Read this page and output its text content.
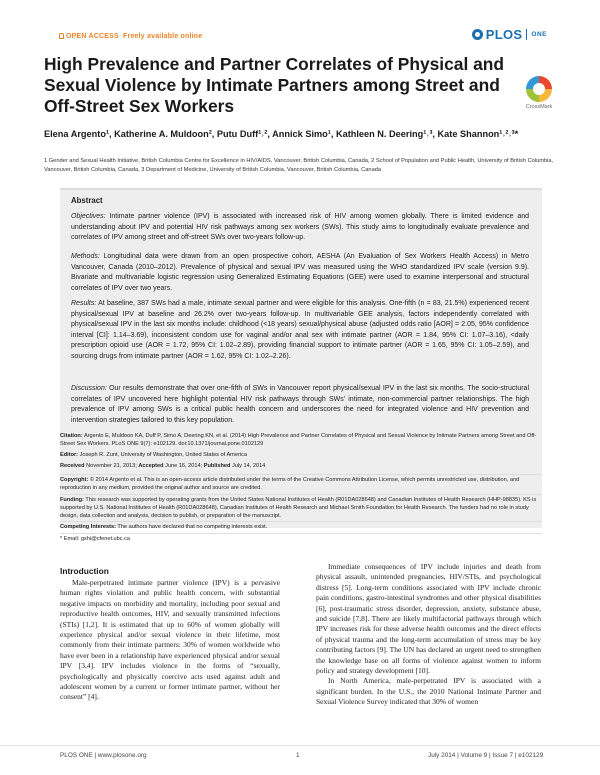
OPEN ACCESS Freely available online	PLOS ONE
High Prevalence and Partner Correlates of Physical and Sexual Violence by Intimate Partners among Street and Off-Street Sex Workers	CrossMark
Elena Argento¹, Katherine A. Muldoon², Putu Duff¹˒², Annick Simo¹, Kathleen N. Deering¹˒³, Kate Shannon¹˒²˒³*
1 Gender and Sexual Health Initiative, British Columbia Centre for Excellence in HIV/AIDS, Vancouver, British Columbia, Canada, 2 School of Population and Public Health, University of British Columbia, Vancouver, British Columbia, Canada, 3 Department of Medicine, University of British Columbia, Vancouver, British Columbia, Canada
Abstract
Objectives: Intimate partner violence (IPV) is associated with increased risk of HIV among women globally. There is limited evidence and understanding about IPV and potential HIV risk pathways among sex workers (SWs). This study aims to longitudinally evaluate prevalence and correlates of IPV among street and off-street SWs over two-years follow-up.
Methods: Longitudinal data were drawn from an open prospective cohort, AESHA (An Evaluation of Sex Workers Health Access) in Metro Vancouver, Canada (2010–2012). Prevalence of physical and sexual IPV was measured using the WHO standardized IPV scale (version 9.9). Bivariate and multivariable logistic regression using Generalized Estimating Equations (GEE) were used to examine interpersonal and structural correlates of IPV over two years.
Results: At baseline, 387 SWs had a male, intimate sexual partner and were eligible for this analysis. One-fifth (n = 83, 21.5%) experienced recent physical/sexual IPV at baseline and 26.2% over two-years follow-up. In multivariable GEE analysis, factors independently correlated with physical/sexual IPV in the last six months include: childhood (<18 years) sexual/physical abuse (adjusted odds ratio [AOR] = 2.05, 95% confidence interval [CI]: 1.14–3.69), inconsistent condom use for vaginal and/or anal sex with intimate partner (AOR = 1.84, 95% CI: 1.07–3.16), <daily prescription opioid use (AOR = 1.72, 95% CI: 1.02–2.89), providing financial support to intimate partner (AOR = 1.65, 95% CI: 1.05–2.59), and sourcing drugs from intimate partner (AOR = 1.62, 95% CI: 1.02–2.26).
Discussion: Our results demonstrate that over one-fifth of SWs in Vancouver report physical/sexual IPV in the last six months. The socio-structural correlates of IPV uncovered here highlight potential HIV risk pathways through SWs' intimate, non-commercial partner relationships. The high prevalence of IPV among SWs is a critical public health concern and underscores the need for integrated violence and HIV prevention and intervention strategies tailored to this key population.
Citation: Argento E, Muldoon KA, Duff P, Simo A, Deering KN, et al. (2014) High Prevalence and Partner Correlates of Physical and Sexual Violence by Intimate Partners among Street and Off-Street Sex Workers. PLoS ONE 9(7): e102129. doi:10.1371/journal.pone.0102129
Editor: Joseph R. Zunt, University of Washington, United States of America
Received November 21, 2013; Accepted June 16, 2014; Published July 14, 2014
Copyright: © 2014 Argento et al. This is an open-access article distributed under the terms of the Creative Commons Attribution License, which permits unrestricted use, distribution, and reproduction in any medium, provided the original author and source are credited.
Funding: This research was supported by operating grants from the United States National Institutes of Health (R01DA028648) and Canadian Institutes of Health Research (HHP-98835). KS is supported by U.S. National Institutes of Health (R01DA028648), Canadian Institutes of Health Research and Michael Smith Foundation for Health Research. The funders had no role in study design, data collection and analysis, decision to publish, or preparation of the manuscript.
Competing Interests: The authors have declared that no competing interests exist.
* Email: gshi@cfenet.ubc.ca
Introduction

Male-perpetrated intimate partner violence (IPV) is a pervasive human rights violation and public health concern, with substantial negative impacts on morbidity and mortality, including poor sexual and reproductive health outcomes, HIV, and sexually transmitted infections (STIs) [1,2]. It is estimated that up to 60% of women globally will experience physical and/or sexual violence in their lifetime, most commonly from their intimate partners: 30% of women worldwide who have ever been in a relationship have experienced physical and/or sexual IPV [3,4]. IPV includes violence in the forms of “sexually, psychologically and physically coercive acts used against adult and adolescent women by a current or former intimate partner, without her consent” [4].

Immediate consequences of IPV include injuries and death from physical assault, unintended pregnancies, HIV/STIs, and psychological distress [5]. Long-term conditions associated with IPV include chronic pain conditions, gastro-intestinal syndromes and other physical disabilities [6], post-traumatic stress disorder, depression, anxiety, substance abuse, and suicide [7,8]. There are likely multifactorial pathways through which IPV increases risk for these adverse health outcomes and the direct effects of physical trauma and the long-term accumulation of stress may be key contributing factors [9]. The UN has declared an urgent need to strengthen the knowledge base on all forms of violence against women to inform policy and strategy development [10].

In North America, male-perpetrated IPV is associated with a significant burden. In the U.S., the 2010 National Intimate Partner and Sexual Violence Survey indicated that 30% of women

PLOS ONE | www.plosone.org	1	July 2014 | Volume 9 | Issue 7 | e102129
